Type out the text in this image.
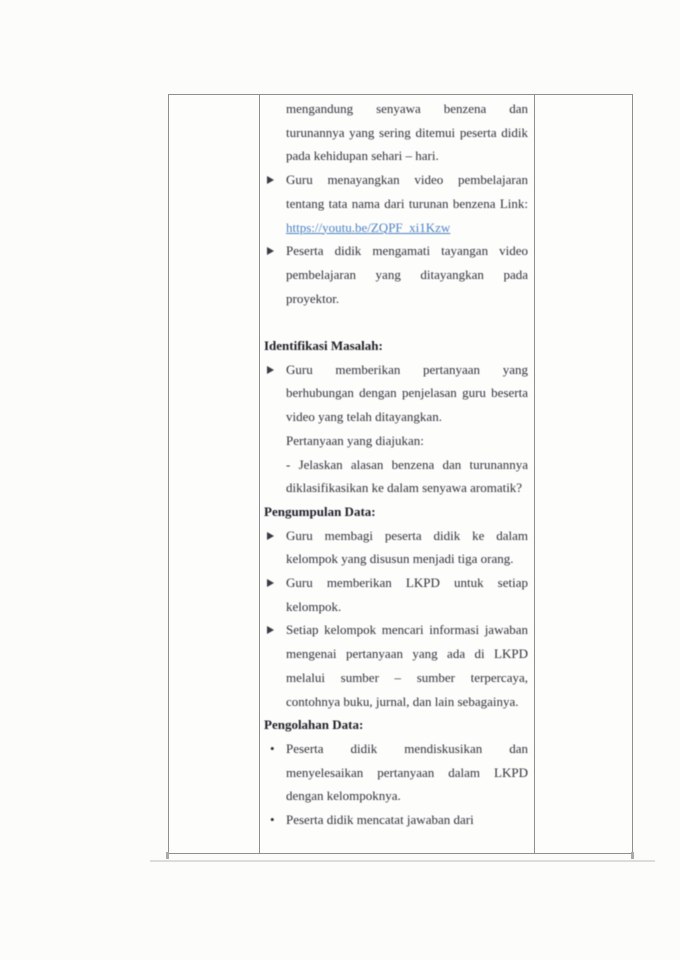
mengandung senyawa benzena dan turunannya yang sering ditemui peserta didik pada kehidupan sehari – hari.
Guru menayangkan video pembelajaran tentang tata nama dari turunan benzena Link: https://youtu.be/ZQPF_xi1Kzw
Peserta didik mengamati tayangan video pembelajaran yang ditayangkan pada proyektor.
Identifikasi Masalah:
Guru memberikan pertanyaan yang berhubungan dengan penjelasan guru beserta video yang telah ditayangkan.
Pertanyaan yang diajukan:
- Jelaskan alasan benzena dan turunannya diklasifikasikan ke dalam senyawa aromatik?
Pengumpulan Data:
Guru membagi peserta didik ke dalam kelompok yang disusun menjadi tiga orang.
Guru memberikan LKPD untuk setiap kelompok.
Setiap kelompok mencari informasi jawaban mengenai pertanyaan yang ada di LKPD melalui sumber – sumber terpercaya, contohnya buku, jurnal, dan lain sebagainya.
Pengolahan Data:
• Peserta didik mendiskusikan dan menyelesaikan pertanyaan dalam LKPD dengan kelompoknya.
• Peserta didik mencatat jawaban dari
